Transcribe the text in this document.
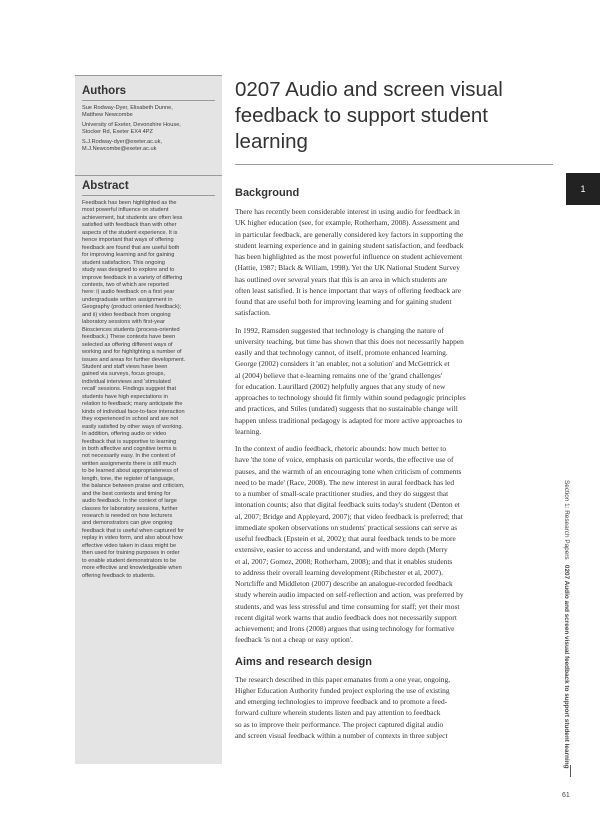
Authors

Sue Rodway-Dyer, Elisabeth Dunne,
Matthew Newcombe

University of Exeter, Devonshire House,
Stocker Rd, Exeter EX4 4PZ

S.J.Rodway-dyer@exeter.ac.uk,
M.J.Newcombe@exeter.ac.uk

Abstract

Feedback has been highlighted as the
most powerful influence on student
achievement, but students are often less
satisfied with feedback than with other
aspects of the student experience. It is
hence important that ways of offering
feedback are found that are useful both
for improving learning and for gaining
student satisfaction. This ongoing
study was designed to explore and to
improve feedback in a variety of differing
contexts, two of which are reported
here: i) audio feedback on a first year
undergraduate written assignment in
Geography (product oriented feedback);
and ii) video feedback from ongoing
laboratory sessions with first-year
Biosciences students (process-oriented
feedback.) These contexts have been
selected as offering different ways of
working and for highlighting a number of
issues and areas for further development.
Student and staff views have been
gained via surveys, focus groups,
individual interviews and 'stimulated
recall' sessions. Findings suggest that
students have high expectations in
relation to feedback; many anticipate the
kinds of individual face-to-face interaction
they experienced in school and are not
easily satisfied by other ways of working.
In addition, offering audio or video
feedback that is supportive to learning
in both affective and cognitive terms is
not necessarily easy. In the context of
written assignments there is still much
to be learned about appropriateness of
length, tone, the register of language,
the balance between praise and criticism,
and the best contexts and timing for
audio feedback. In the context of large
classes for laboratory sessions, further
research is needed on how lecturers
and demonstrators can give ongoing
feedback that is useful when captured for
replay in video form, and also about how
effective video taken in class might be
then used for training purposes in order
to enable student demonstrators to be
more effective and knowledgeable when
offering feedback to students.

0207 Audio and screen visual
feedback to support student
learning
Background

There has recently been considerable interest in using audio for feedback in
UK higher education (see, for example, Rotherham, 2008). Assessment and
in particular feedback, are generally considered key factors in supporting the
student learning experience and in gaining student satisfaction, and feedback
has been highlighted as the most powerful influence on student achievement
(Hattie, 1987; Black & Wiliam, 1998). Yet the UK National Student Survey
has outlined over several years that this is an area in which students are
often least satisfied. It is hence important that ways of offering feedback are
found that are useful both for improving learning and for gaining student
satisfaction.

In 1992, Ramsden suggested that technology is changing the nature of
university teaching, but time has shown that this does not necessarily happen
easily and that technology cannot, of itself, promote enhanced learning.
George (2002) considers it 'an enabler, not a solution' and McGettrick et
al (2004) believe that e-learning remains one of the 'grand challenges'
for education. Laurillard (2002) helpfully argues that any study of new
approaches to technology should fit firmly within sound pedagogic principles
and practices, and Stiles (undated) suggests that no sustainable change will
happen unless traditional pedagogy is adapted for more active approaches to
learning.

In the context of audio feedback, rhetoric abounds: how much better to
have 'the tone of voice, emphasis on particular words, the effective use of
pauses, and the warmth of an encouraging tone when criticism of comments
need to be made' (Race, 2008). The new interest in aural feedback has led
to a number of small-scale practitioner studies, and they do suggest that
intonation counts; also that digital feedback suits today's student (Denton et
al, 2007; Bridge and Appleyard, 2007); that video feedback is preferred; that
immediate spoken observations on students' practical sessions can serve as
useful feedback (Epstein et al, 2002); that aural feedback tends to be more
extensive, easier to access and understand, and with more depth (Merry
et al, 2007; Gomez, 2008; Rotherham, 2008); and that it enables students
to address their overall learning development (Ribchester et al, 2007).
Nortcliffe and Middleton (2007) describe an analogue-recorded feedback
study wherein audio impacted on self-reflection and action, was preferred by
students, and was less stressful and time consuming for staff; yet their most
recent digital work warns that audio feedback does not necessarily support
achievement; and Irons (2008) argues that using technology for formative
feedback 'is not a cheap or easy option'.

Aims and research design

The research described in this paper emanates from a one year, ongoing,
Higher Education Authority funded project exploring the use of existing
and emerging technologies to improve feedback and to promote a feed-
forward culture wherein students listen and pay attention to feedback
so as to improve their performance. The project captured digital audio
and screen visual feedback within a number of contexts in three subject

1
Section 1: Research Papers   0207 Audio and screen visual feedback to support student learning
61
